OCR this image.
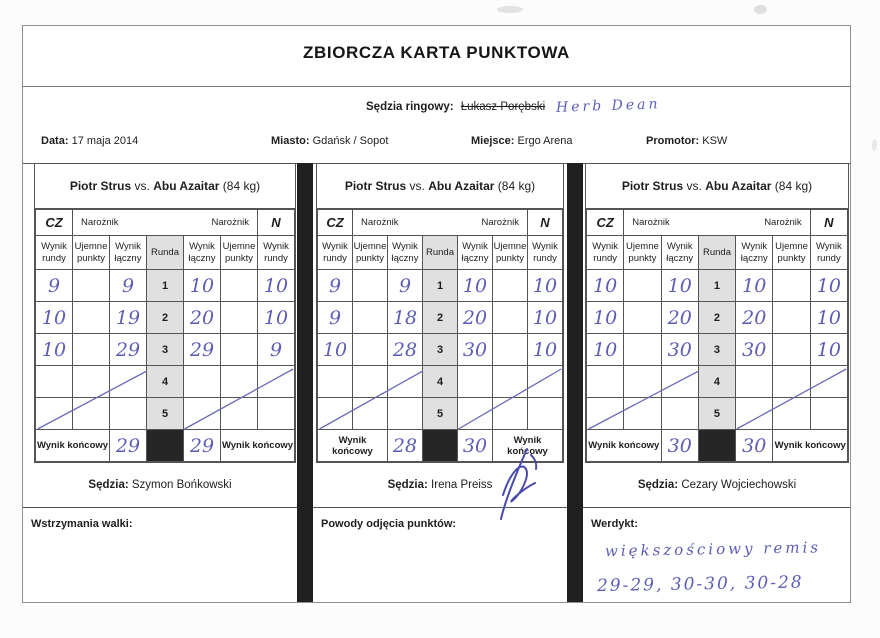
ZBIORCZA KARTA PUNKTOWA
Sędzia ringowy: Łukasz Porębski Herb Dean
Data: 17 maja 2014	Miasto: Gdańsk / Sopot	Miejsce: Ergo Arena	Promotor: KSW
Wstrzymania walki:	Powody odjęcia punktów:	Werdykt:
większościowy remis
29-29, 30-30, 30-28
Piotr Strus vs. Abu Azaitar (84 kg)
CZ	Narożnik Narożnik					N
Wynik rundy	Ujemne punkty	Wynik łączny	Runda	Wynik łączny	Ujemne punkty	Wynik rundy
9		9	1	10		10
10		19	2	20		10
10		29	3	29		9
			4			
			5			
Wynik końcowy		29		29	Wynik końcowy	
Sędzia: Szymon Bońkowski
Piotr Strus vs. Abu Azaitar (84 kg)
CZ	Narożnik Narożnik					N
Wynik rundy	Ujemne punkty	Wynik łączny	Runda	Wynik łączny	Ujemne punkty	Wynik rundy
9		9	1	10		10
9		18	2	20		10
10		28	3	30		10
			4			
			5			
Wynik końcowy		28		30	Wynik końcowy	
Sędzia: Irena Preiss
Piotr Strus vs. Abu Azaitar (84 kg)
CZ	Narożnik Narożnik					N
Wynik rundy	Ujemne punkty	Wynik łączny	Runda	Wynik łączny	Ujemne punkty	Wynik rundy
10		10	1	10		10
10		20	2	20		10
10		30	3	30		10
			4			
			5			
Wynik końcowy		30		30	Wynik końcowy	
Sędzia: Cezary Wojciechowski
